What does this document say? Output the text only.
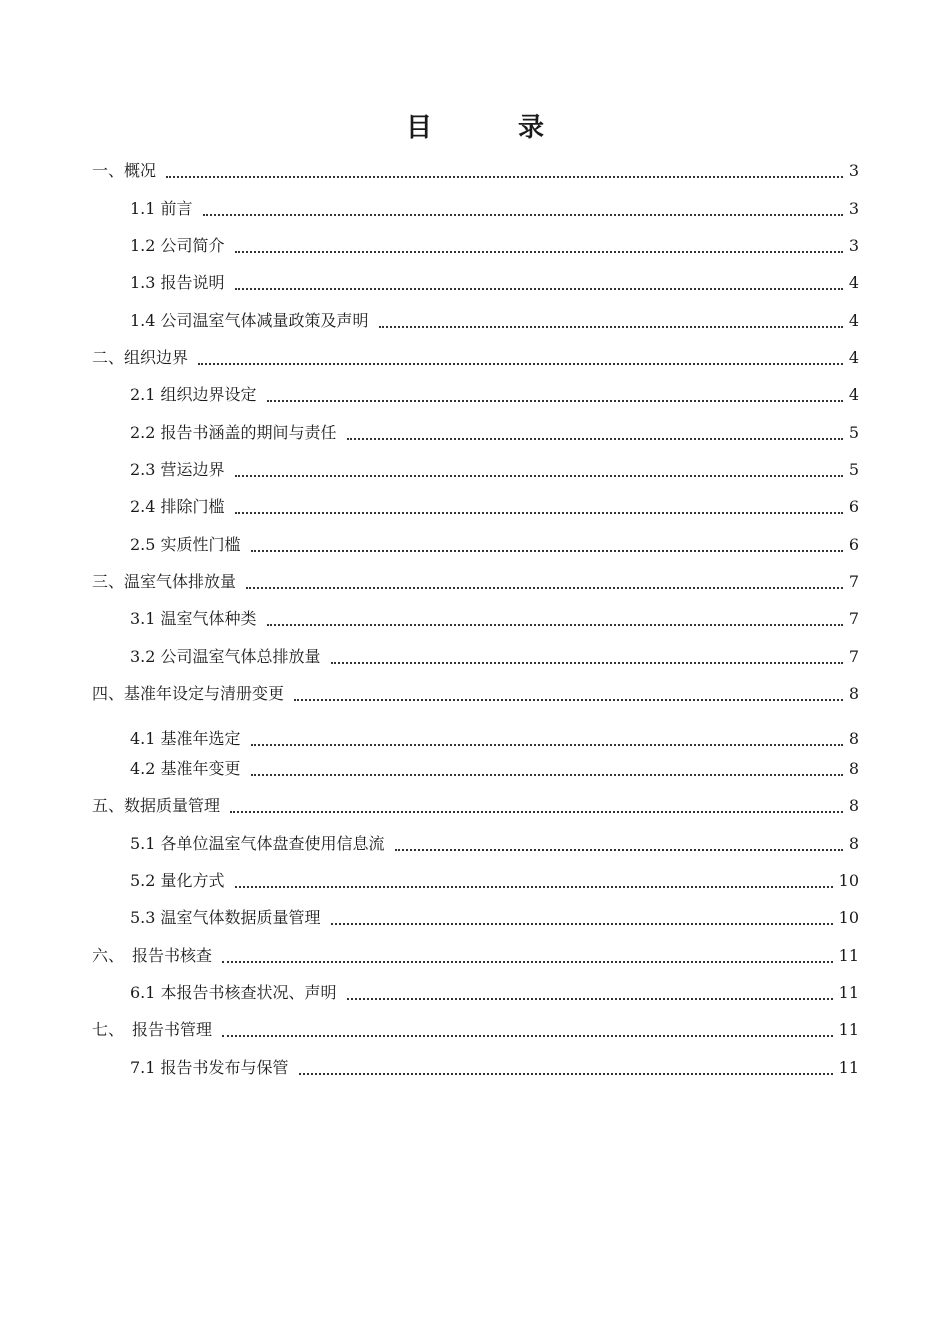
目　录
一、概况	3
1.1 前言	3
1.2 公司简介	3
1.3 报告说明	4
1.4 公司温室气体减量政策及声明	4
二、组织边界	4
2.1 组织边界设定	4
2.2 报告书涵盖的期间与责任	5
2.3 营运边界	5
2.4 排除门槛	6
2.5 实质性门槛	6
三、温室气体排放量	7
3.1 温室气体种类	7
3.2 公司温室气体总排放量	7
四、基准年设定与清册变更	8
4.1 基准年选定	8
4.2 基准年变更	8
五、数据质量管理	8
5.1 各单位温室气体盘查使用信息流	8
5.2 量化方式	10
5.3 温室气体数据质量管理	10
六、　报告书核查	11
6.1 本报告书核查状况、声明	11
七、　报告书管理	11
7.1 报告书发布与保管	11
